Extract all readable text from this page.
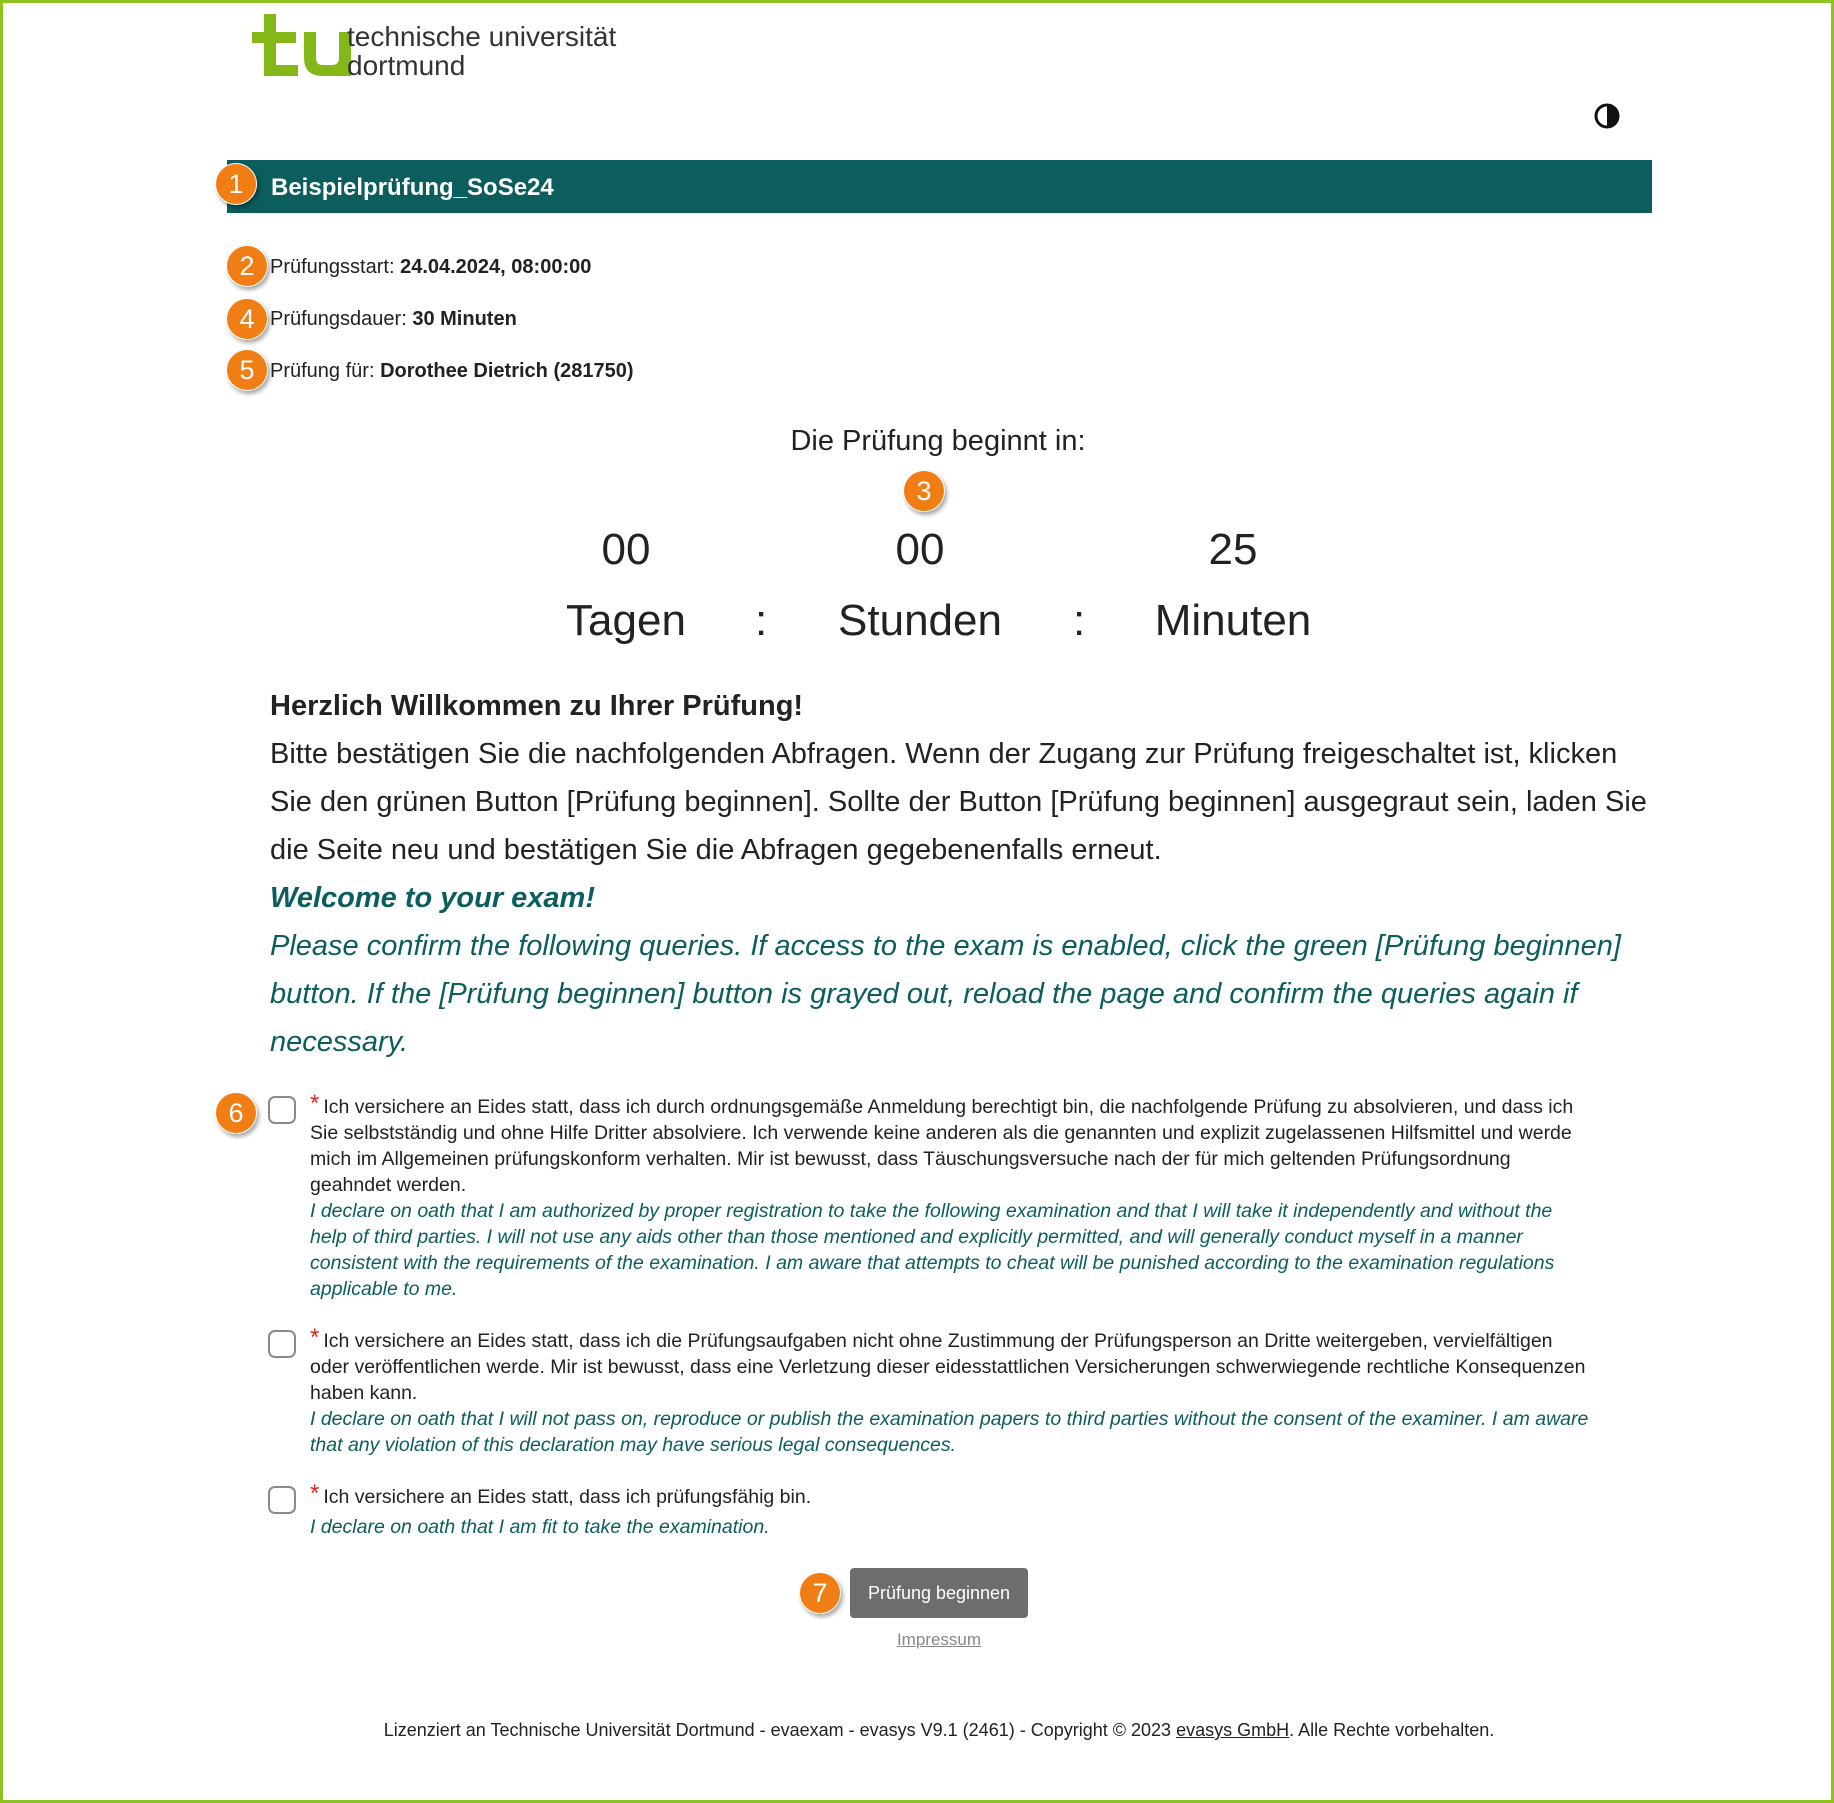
technische universität
dortmund
Beispielprüfung_SoSe24
1
2 Prüfungsstart: 24.04.2024, 08:00:00
4 Prüfungsdauer: 30 Minuten
5 Prüfung für: Dorothee Dietrich (281750)
Die Prüfung beginnt in:
3
00	00	25
Tagen	:	Stunden	:	Minuten
Herzlich Willkommen zu Ihrer Prüfung!
Bitte bestätigen Sie die nachfolgenden Abfragen. Wenn der Zugang zur Prüfung freigeschaltet ist, klicken Sie den grünen Button [Prüfung beginnen]. Sollte der Button [Prüfung beginnen] ausgegraut sein, laden Sie die Seite neu und bestätigen Sie die Abfragen gegebenenfalls erneut.
Welcome to your exam!
Please confirm the following queries. If access to the exam is enabled, click the green [Prüfung beginnen] button. If the [Prüfung beginnen] button is grayed out, reload the page and confirm the queries again if necessary.
6	* Ich versichere an Eides statt, dass ich durch ordnungsgemäße Anmeldung berechtigt bin, die nachfolgende Prüfung zu absolvieren, und dass ich Sie selbstständig und ohne Hilfe Dritter absolviere. Ich verwende keine anderen als die genannten und explizit zugelassenen Hilfsmittel und werde mich im Allgemeinen prüfungskonform verhalten. Mir ist bewusst, dass Täuschungsversuche nach der für mich geltenden Prüfungsordnung geahndet werden.
I declare on oath that I am authorized by proper registration to take the following examination and that I will take it independently and without the help of third parties. I will not use any aids other than those mentioned and explicitly permitted, and will generally conduct myself in a manner consistent with the requirements of the examination. I am aware that attempts to cheat will be punished according to the examination regulations applicable to me.
* Ich versichere an Eides statt, dass ich die Prüfungsaufgaben nicht ohne Zustimmung der Prüfungsperson an Dritte weitergeben, vervielfältigen oder veröffentlichen werde. Mir ist bewusst, dass eine Verletzung dieser eidesstattlichen Versicherungen schwerwiegende rechtliche Konsequenzen haben kann.
I declare on oath that I will not pass on, reproduce or publish the examination papers to third parties without the consent of the examiner. I am aware that any violation of this declaration may have serious legal consequences.
* Ich versichere an Eides statt, dass ich prüfungsfähig bin.
I declare on oath that I am fit to take the examination.
7	Prüfung beginnen
Impressum
Lizenziert an Technische Universität Dortmund - evaexam - evasys V9.1 (2461) - Copyright © 2023 evasys GmbH. Alle Rechte vorbehalten.
